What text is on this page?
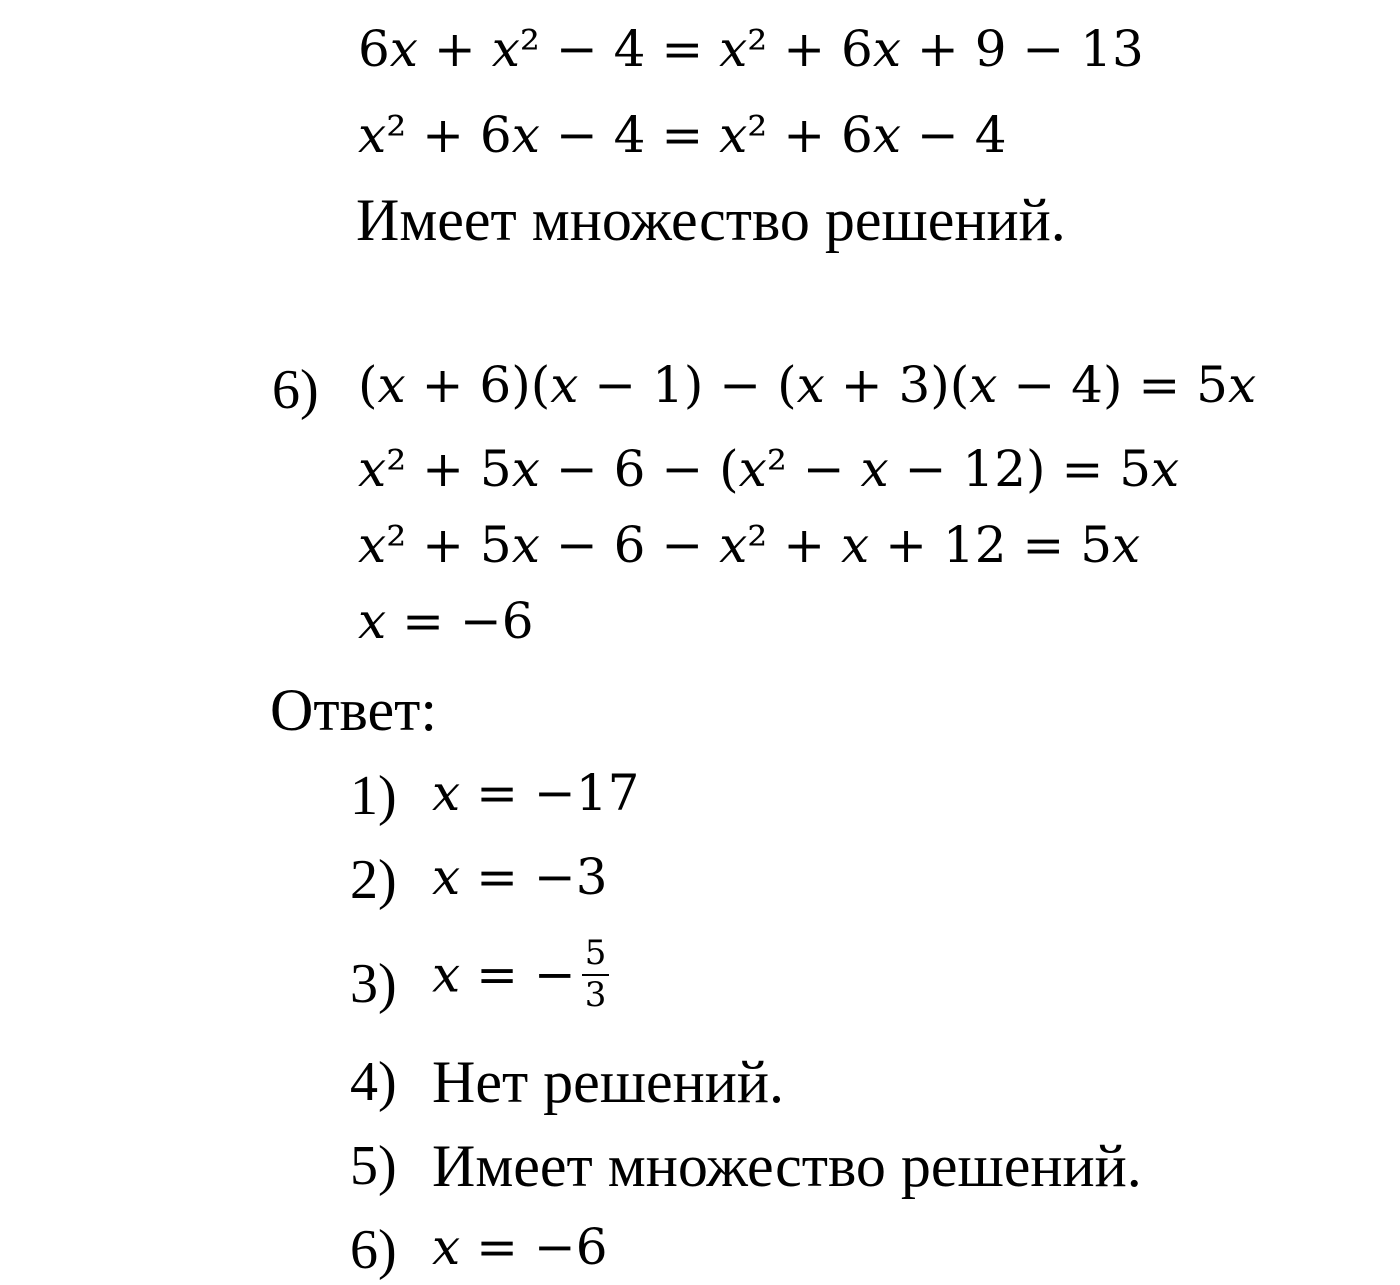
6𝑥 + 𝑥² − 4 = 𝑥² + 6𝑥 + 9 − 13
𝑥² + 6𝑥 − 4 = 𝑥² + 6𝑥 − 4
Имеет множество решений.
6) (𝑥 + 6)(𝑥 − 1) − (𝑥 + 3)(𝑥 − 4) = 5𝑥
𝑥² + 5𝑥 − 6 − (𝑥² − 𝑥 − 12) = 5𝑥
𝑥² + 5𝑥 − 6 − 𝑥² + 𝑥 + 12 = 5𝑥
𝑥 = −6
Ответ:
1) 𝑥 = −17
2) 𝑥 = −3
3) 𝑥 = − $\frac{5}{3}$
4) Нет решений.
5) Имеет множество решений.
6) 𝑥 = −6
